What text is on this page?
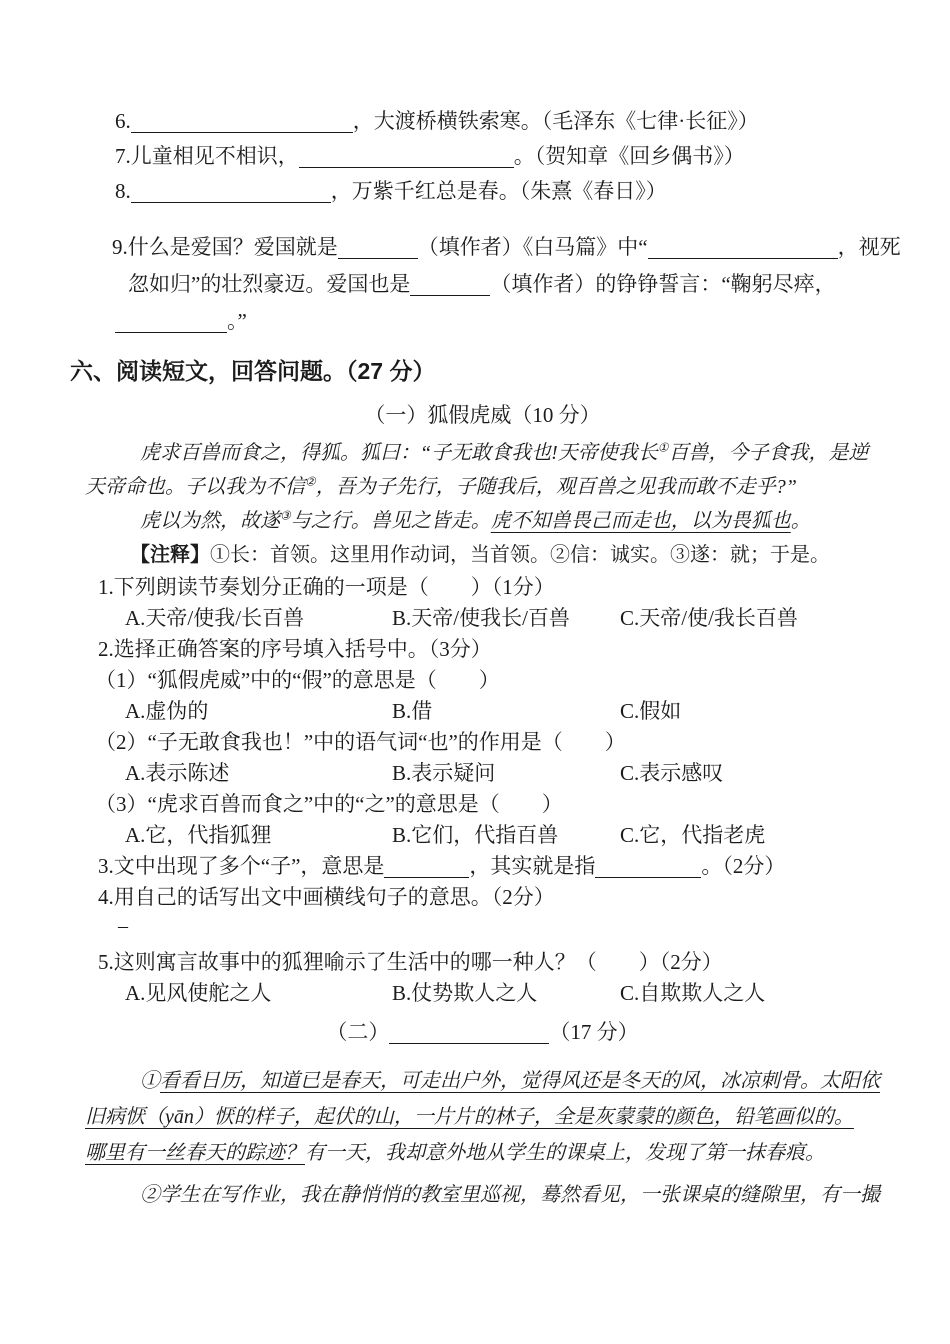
6.	，大渡桥横铁索寒。（毛泽东《七律·长征》）
7.儿童相见不相识，	。（贺知章《回乡偶书》）
8.	，万紫千红总是春。（朱熹《春日》）
9.什么是爱国？爱国就是	（填作者）《白马篇》中“	，视死
忽如归”的壮烈豪迈。爱国也是	（填作者）的铮铮誓言：“鞠躬尽瘁，
。”
六、阅读短文，回答问题。（27 分）
（一）狐假虎威（10 分）
虎求百兽而食之，得狐。狐曰：“子无敢食我也!天帝使我长①百兽，今子食我，是逆
天帝命也。子以我为不信②，吾为子先行，子随我后，观百兽之见我而敢不走乎?”
虎以为然，故遂③与之行。兽见之皆走。虎不知兽畏己而走也，以为畏狐也。
【注释】①长：首领。这里用作动词，当首领。②信：诚实。③遂：就；于是。
1.下列朗读节奏划分正确的一项是（　　）（1分）
A.天帝/使我/长百兽	B.天帝/使我长/百兽	C.天帝/使/我长百兽
2.选择正确答案的序号填入括号中。（3分）
（1）“狐假虎威”中的“假”的意思是（　　）
A.虚伪的	B.借	C.假如
（2）“子无敢食我也！”中的语气词“也”的作用是（　　）
A.表示陈述	B.表示疑问	C.表示感叹
（3）“虎求百兽而食之”中的“之”的意思是（　　）
A.它，代指狐狸	B.它们，代指百兽	C.它，代指老虎
3.文中出现了多个“子”，意思是	，其实就是指	。（2分）
4.用自己的话写出文中画横线句子的意思。（2分）
–
5.这则寓言故事中的狐狸喻示了生活中的哪一种人？（　　）（2分）
A.见风使舵之人	B.仗势欺人之人	C.自欺欺人之人
（二）	（17 分）
①看看日历，知道已是春天，可走出户外，觉得风还是冬天的风，冰凉刺骨。太阳依
旧病恹（yān）恹的样子，起伏的山，一片片的林子，全是灰蒙蒙的颜色，铅笔画似的。
哪里有一丝春天的踪迹？有一天，我却意外地从学生的课桌上，发现了第一抹春痕。
②学生在写作业，我在静悄悄的教室里巡视，蓦然看见，一张课桌的缝隙里，有一撮
